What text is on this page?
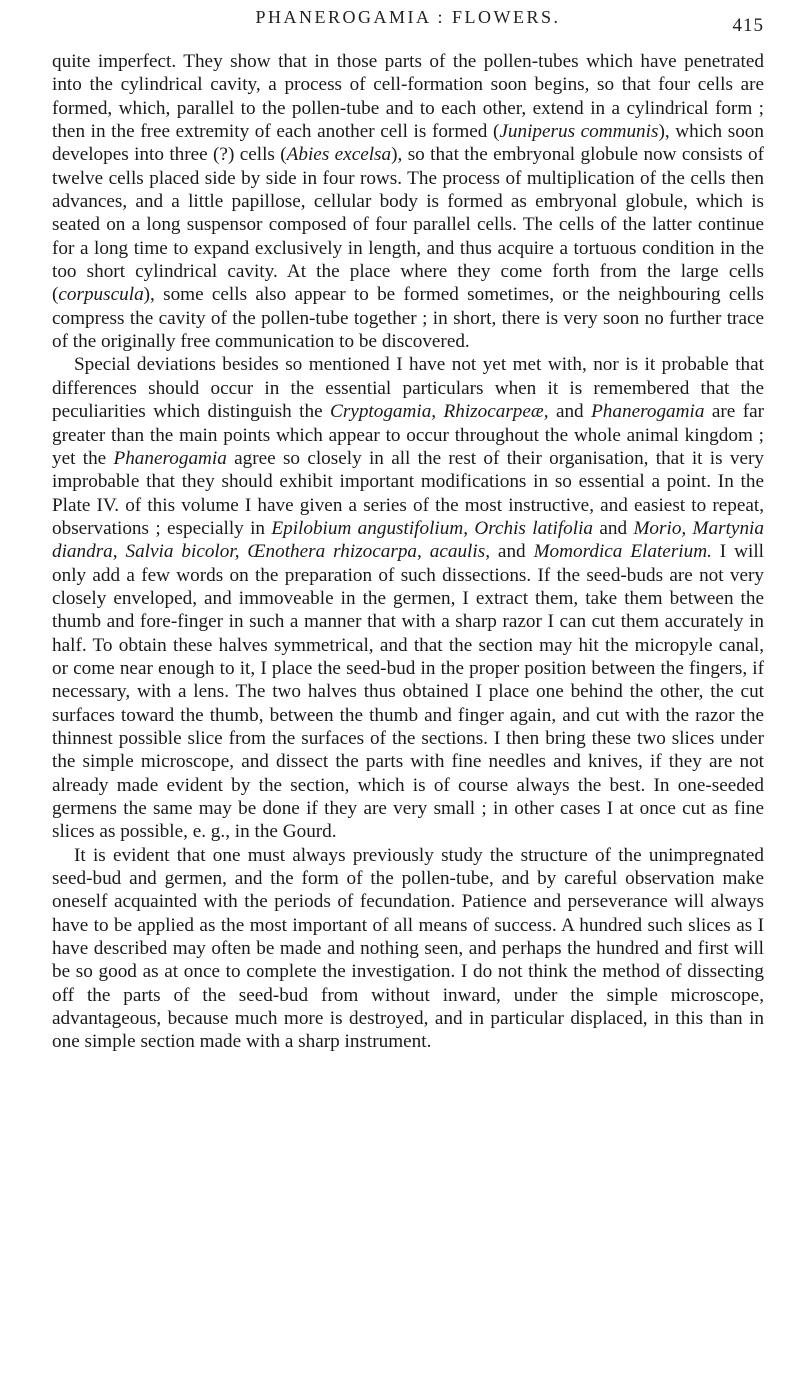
PHANEROGAMIA : FLOWERS.	415

quite imperfect. They show that in those parts of the pollen-tubes which have penetrated into the cylindrical cavity, a process of cell-formation soon begins, so that four cells are formed, which, parallel to the pollen-tube and to each other, extend in a cylindrical form ; then in the free extremity of each another cell is formed (Juniperus communis), which soon developes into three (?) cells (Abies excelsa), so that the embryonal globule now consists of twelve cells placed side by side in four rows. The process of multiplication of the cells then advances, and a little papillose, cellular body is formed as embryonal globule, which is seated on a long suspensor composed of four parallel cells. The cells of the latter continue for a long time to expand exclusively in length, and thus acquire a tortuous condition in the too short cylindrical cavity. At the place where they come forth from the large cells (corpuscula), some cells also appear to be formed sometimes, or the neighbouring cells compress the cavity of the pollen-tube together ; in short, there is very soon no further trace of the originally free communication to be discovered.

Special deviations besides so mentioned I have not yet met with, nor is it probable that differences should occur in the essential particulars when it is remembered that the peculiarities which distinguish the Cryptogamia, Rhizocarpeæ, and Phanerogamia are far greater than the main points which appear to occur throughout the whole animal kingdom ; yet the Phanerogamia agree so closely in all the rest of their organisation, that it is very improbable that they should exhibit important modifications in so essential a point. In the Plate IV. of this volume I have given a series of the most instructive, and easiest to repeat, observations ; especially in Epilobium angustifolium, Orchis latifolia and Morio, Martynia diandra, Salvia bicolor, Œnothera rhizocarpa, acaulis, and Momordica Elaterium. I will only add a few words on the preparation of such dissections. If the seed-buds are not very closely enveloped, and immoveable in the germen, I extract them, take them between the thumb and fore-finger in such a manner that with a sharp razor I can cut them accurately in half. To obtain these halves symmetrical, and that the section may hit the micropyle canal, or come near enough to it, I place the seed-bud in the proper position between the fingers, if necessary, with a lens. The two halves thus obtained I place one behind the other, the cut surfaces toward the thumb, between the thumb and finger again, and cut with the razor the thinnest possible slice from the surfaces of the sections. I then bring these two slices under the simple microscope, and dissect the parts with fine needles and knives, if they are not already made evident by the section, which is of course always the best. In one-seeded germens the same may be done if they are very small ; in other cases I at once cut as fine slices as possible, e. g., in the Gourd.

It is evident that one must always previously study the structure of the unimpregnated seed-bud and germen, and the form of the pollen-tube, and by careful observation make oneself acquainted with the periods of fecundation. Patience and perseverance will always have to be applied as the most important of all means of success. A hundred such slices as I have described may often be made and nothing seen, and perhaps the hundred and first will be so good as at once to complete the investigation. I do not think the method of dissecting off the parts of the seed-bud from without inward, under the simple microscope, advantageous, because much more is destroyed, and in particular displaced, in this than in one simple section made with a sharp instrument.
